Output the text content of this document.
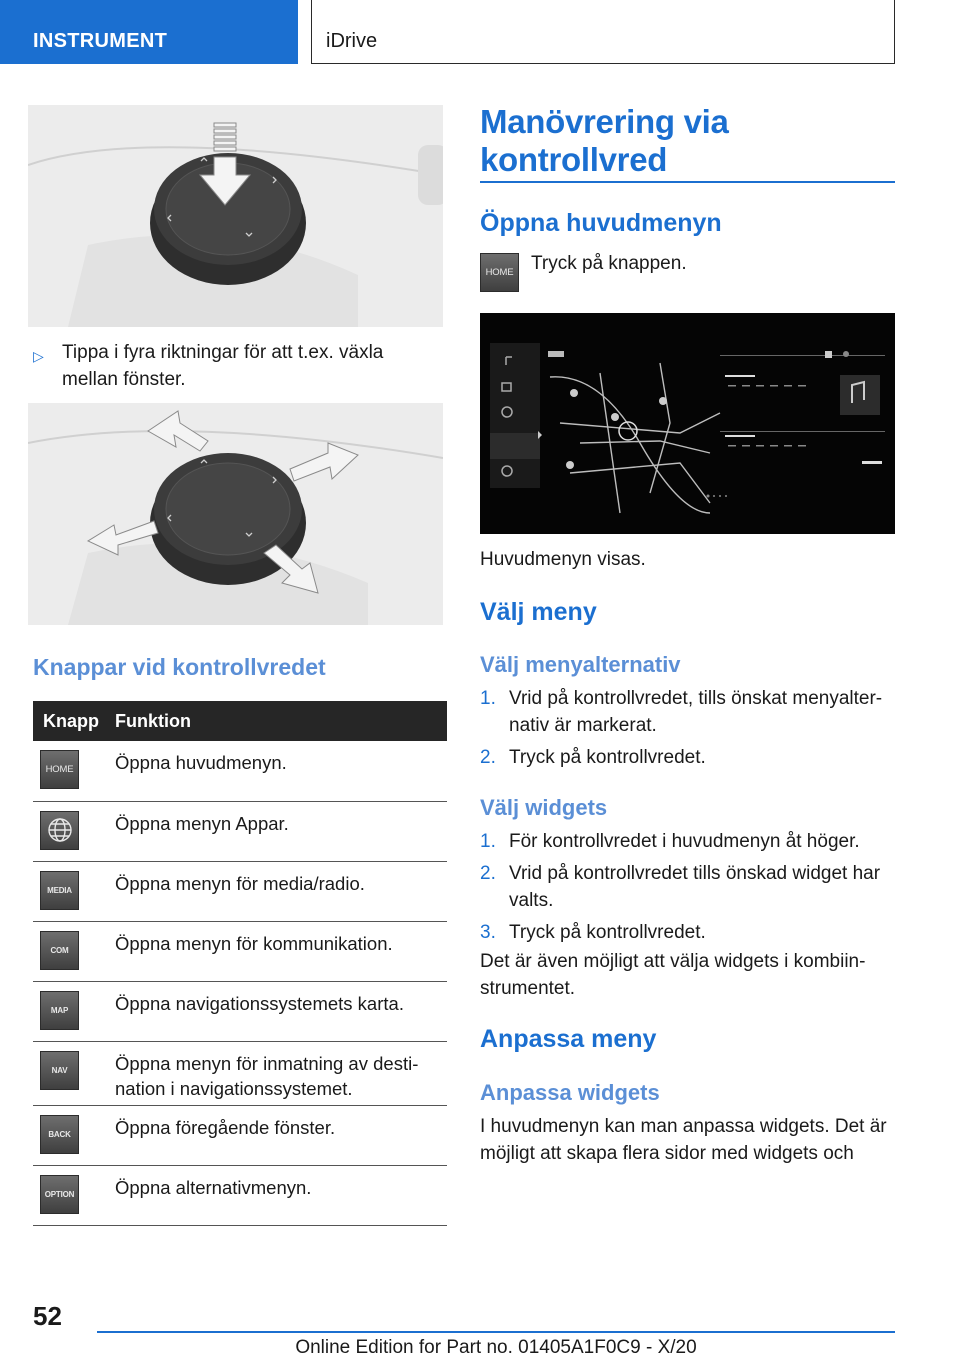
INSTRUMENT	iDrive
▷ Tippa i fyra riktningar för att t.ex. växla mellan fönster.
Knappar vid kontrollvredet
Knapp	Funktion

HOME	Öppna huvudmenyn.

	Öppna menyn Appar.

MEDIA	Öppna menyn för media/radio.

COM	Öppna menyn för kommunikation.

MAP	Öppna navigationssystemets karta.

NAV	Öppna menyn för inmatning av destination i navigationssystemet.

BACK	Öppna föregående fönster.

OPTION	Öppna alternativmenyn.
Manövrering via kontrollvred
Öppna huvudmenyn
HOME Tryck på knappen.
Huvudmenyn visas.
Välj meny
Välj menyalternativ
1. Vrid på kontrollvredet, tills önskat menyalternativ är markerat.
2. Tryck på kontrollvredet.
Välj widgets
1. För kontrollvredet i huvudmenyn åt höger.
2. Vrid på kontrollvredet tills önskad widget har valts.
3. Tryck på kontrollvredet.
Det är även möjligt att välja widgets i kombiinstrumentet.
Anpassa meny
Anpassa widgets
I huvudmenyn kan man anpassa widgets. Det är möjligt att skapa flera sidor med widgets och
52
Online Edition for Part no. 01405A1F0C9 - X/20
